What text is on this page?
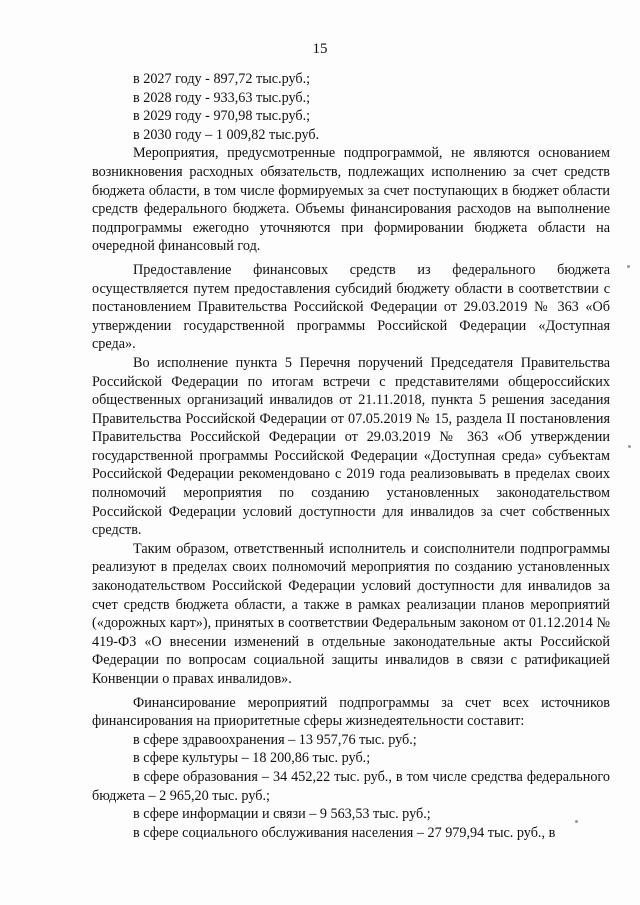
15
в 2027 году - 897,72 тыс.руб.;
в 2028 году - 933,63 тыс.руб.;
в 2029 году - 970,98 тыс.руб.;
в 2030 году – 1 009,82 тыс.руб.

Мероприятия, предусмотренные подпрограммой, не являются основанием возникновения расходных обязательств, подлежащих исполнению за счет средств бюджета области, в том числе формируемых за счет поступающих в бюджет области средств федерального бюджета. Объемы финансирования расходов на выполнение подпрограммы ежегодно уточняются при формировании бюджета области на очередной финансовый год.

Предоставление финансовых средств из федерального бюджета осуществляется путем предоставления субсидий бюджету области в соответствии с постановлением Правительства Российской Федерации от 29.03.2019 № 363 «Об утверждении государственной программы Российской Федерации «Доступная среда».

Во исполнение пункта 5 Перечня поручений Председателя Правительства Российской Федерации по итогам встречи с представителями общероссийских общественных организаций инвалидов от 21.11.2018, пункта 5 решения заседания Правительства Российской Федерации от 07.05.2019 № 15, раздела II постановления Правительства Российской Федерации от 29.03.2019 № 363 «Об утверждении государственной программы Российской Федерации «Доступная среда» субъектам Российской Федерации рекомендовано с 2019 года реализовывать в пределах своих полномочий мероприятия по созданию установленных законодательством Российской Федерации условий доступности для инвалидов за счет собственных средств.

Таким образом, ответственный исполнитель и соисполнители подпрограммы реализуют в пределах своих полномочий мероприятия по созданию установленных законодательством Российской Федерации условий доступности для инвалидов за счет средств бюджета области, а также в рамках реализации планов мероприятий («дорожных карт»), принятых в соответствии Федеральным законом от 01.12.2014 № 419-ФЗ «О внесении изменений в отдельные законодательные акты Российской Федерации по вопросам социальной защиты инвалидов в связи с ратификацией Конвенции о правах инвалидов».

Финансирование мероприятий подпрограммы за счет всех источников финансирования на приоритетные сферы жизнедеятельности составит:

в сфере здравоохранения – 13 957,76 тыс. руб.;
в сфере культуры – 18 200,86 тыс. руб.;

в сфере образования – 34 452,22 тыс. руб., в том числе средства федерального бюджета – 2 965,20 тыс. руб.;

в сфере информации и связи – 9 563,53 тыс. руб.;

в сфере социального обслуживания населения – 27 979,94 тыс. руб., в
